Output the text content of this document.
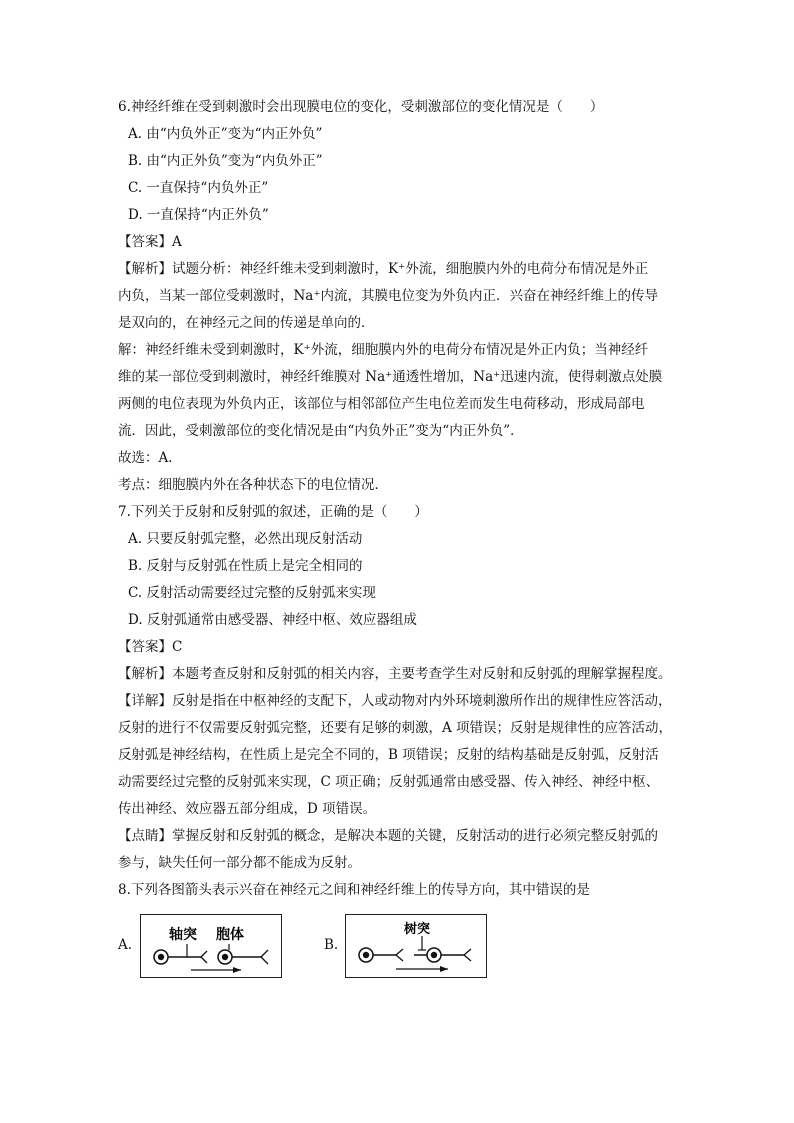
6.神经纤维在受到刺激时会出现膜电位的变化，受刺激部位的变化情况是（　　）
A. 由“内负外正”变为“内正外负”
B. 由“内正外负”变为“内负外正”
C. 一直保持“内负外正”
D. 一直保持“内正外负”
【答案】A
【解析】试题分析：神经纤维未受到刺激时，K⁺外流，细胞膜内外的电荷分布情况是外正
内负，当某一部位受刺激时，Na⁺内流，其膜电位变为外负内正．兴奋在神经纤维上的传导
是双向的，在神经元之间的传递是单向的．
解：神经纤维未受到刺激时，K⁺外流，细胞膜内外的电荷分布情况是外正内负；当神经纤
维的某一部位受到刺激时，神经纤维膜对 Na⁺通透性增加，Na⁺迅速内流，使得刺激点处膜
两侧的电位表现为外负内正，该部位与相邻部位产生电位差而发生电荷移动，形成局部电
流．因此，受刺激部位的变化情况是由“内负外正”变为“内正外负”．
故选：A．
考点：细胞膜内外在各种状态下的电位情况．
7.下列关于反射和反射弧的叙述，正确的是（　　）
A. 只要反射弧完整，必然出现反射活动
B. 反射与反射弧在性质上是完全相同的
C. 反射活动需要经过完整的反射弧来实现
D. 反射弧通常由感受器、神经中枢、效应器组成
【答案】C
【解析】本题考查反射和反射弧的相关内容，主要考查学生对反射和反射弧的理解掌握程度。
【详解】反射是指在中枢神经的支配下，人或动物对内外环境刺激所作出的规律性应答活动，
反射的进行不仅需要反射弧完整，还要有足够的刺激，A 项错误；反射是规律性的应答活动，
反射弧是神经结构，在性质上是完全不同的，B 项错误；反射的结构基础是反射弧，反射活
动需要经过完整的反射弧来实现，C 项正确；反射弧通常由感受器、传入神经、神经中枢、
传出神经、效应器五部分组成，D 项错误。
【点睛】掌握反射和反射弧的概念，是解决本题的关键，反射活动的进行必须完整反射弧的
参与，缺失任何一部分都不能成为反射。
8.下列各图箭头表示兴奋在神经元之间和神经纤维上的传导方向，其中错误的是
A.
轴突 胞体
B.
树突
